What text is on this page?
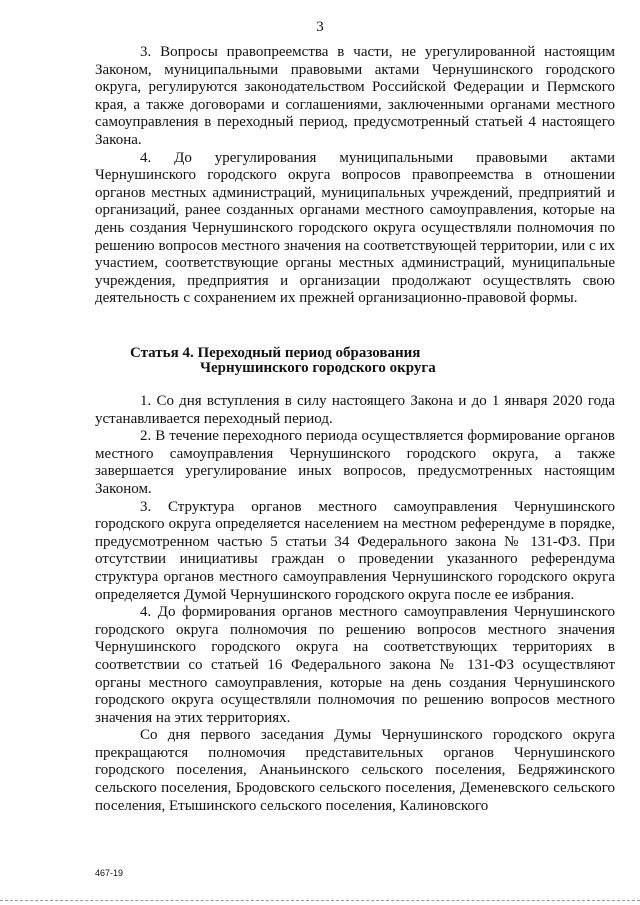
3

3. Вопросы правопреемства в части, не урегулированной настоящим Законом, муниципальными правовыми актами Чернушинского городского округа, регулируются законодательством Российской Федерации и Пермского края, а также договорами и соглашениями, заключенными органами местного самоуправления в переходный период, предусмотренный статьей 4 настоящего Закона.

4. До урегулирования муниципальными правовыми актами Чернушинского городского округа вопросов правопреемства в отношении органов местных администраций, муниципальных учреждений, предприятий и организаций, ранее созданных органами местного самоуправления, которые на день создания Чернушинского городского округа осуществляли полномочия по решению вопросов местного значения на соответствующей территории, или с их участием, соответствующие органы местных администраций, муниципальные учреждения, предприятия и организации продолжают осуществлять свою деятельность с сохранением их прежней организационно-правовой формы.

Статья 4. Переходный период образования
Чернушинского городского округа

1. Со дня вступления в силу настоящего Закона и до 1 января 2020 года устанавливается переходный период.

2. В течение переходного периода осуществляется формирование органов местного самоуправления Чернушинского городского округа, а также завершается урегулирование иных вопросов, предусмотренных настоящим Законом.

3. Структура органов местного самоуправления Чернушинского городского округа определяется населением на местном референдуме в порядке, предусмотренном частью 5 статьи 34 Федерального закона № 131-ФЗ. При отсутствии инициативы граждан о проведении указанного референдума структура органов местного самоуправления Чернушинского городского округа определяется Думой Чернушинского городского округа после ее избрания.

4. До формирования органов местного самоуправления Чернушинского городского округа полномочия по решению вопросов местного значения Чернушинского городского округа на соответствующих территориях в соответствии со статьей 16 Федерального закона № 131-ФЗ осуществляют органы местного самоуправления, которые на день создания Чернушинского городского округа осуществляли полномочия по решению вопросов местного значения на этих территориях.

Со дня первого заседания Думы Чернушинского городского округа прекращаются полномочия представительных органов Чернушинского городского поселения, Ананьинского сельского поселения, Бедряжинского сельского поселения, Бродовского сельского поселения, Деменевского сельского поселения, Етышинского сельского поселения, Калиновского

467-19
